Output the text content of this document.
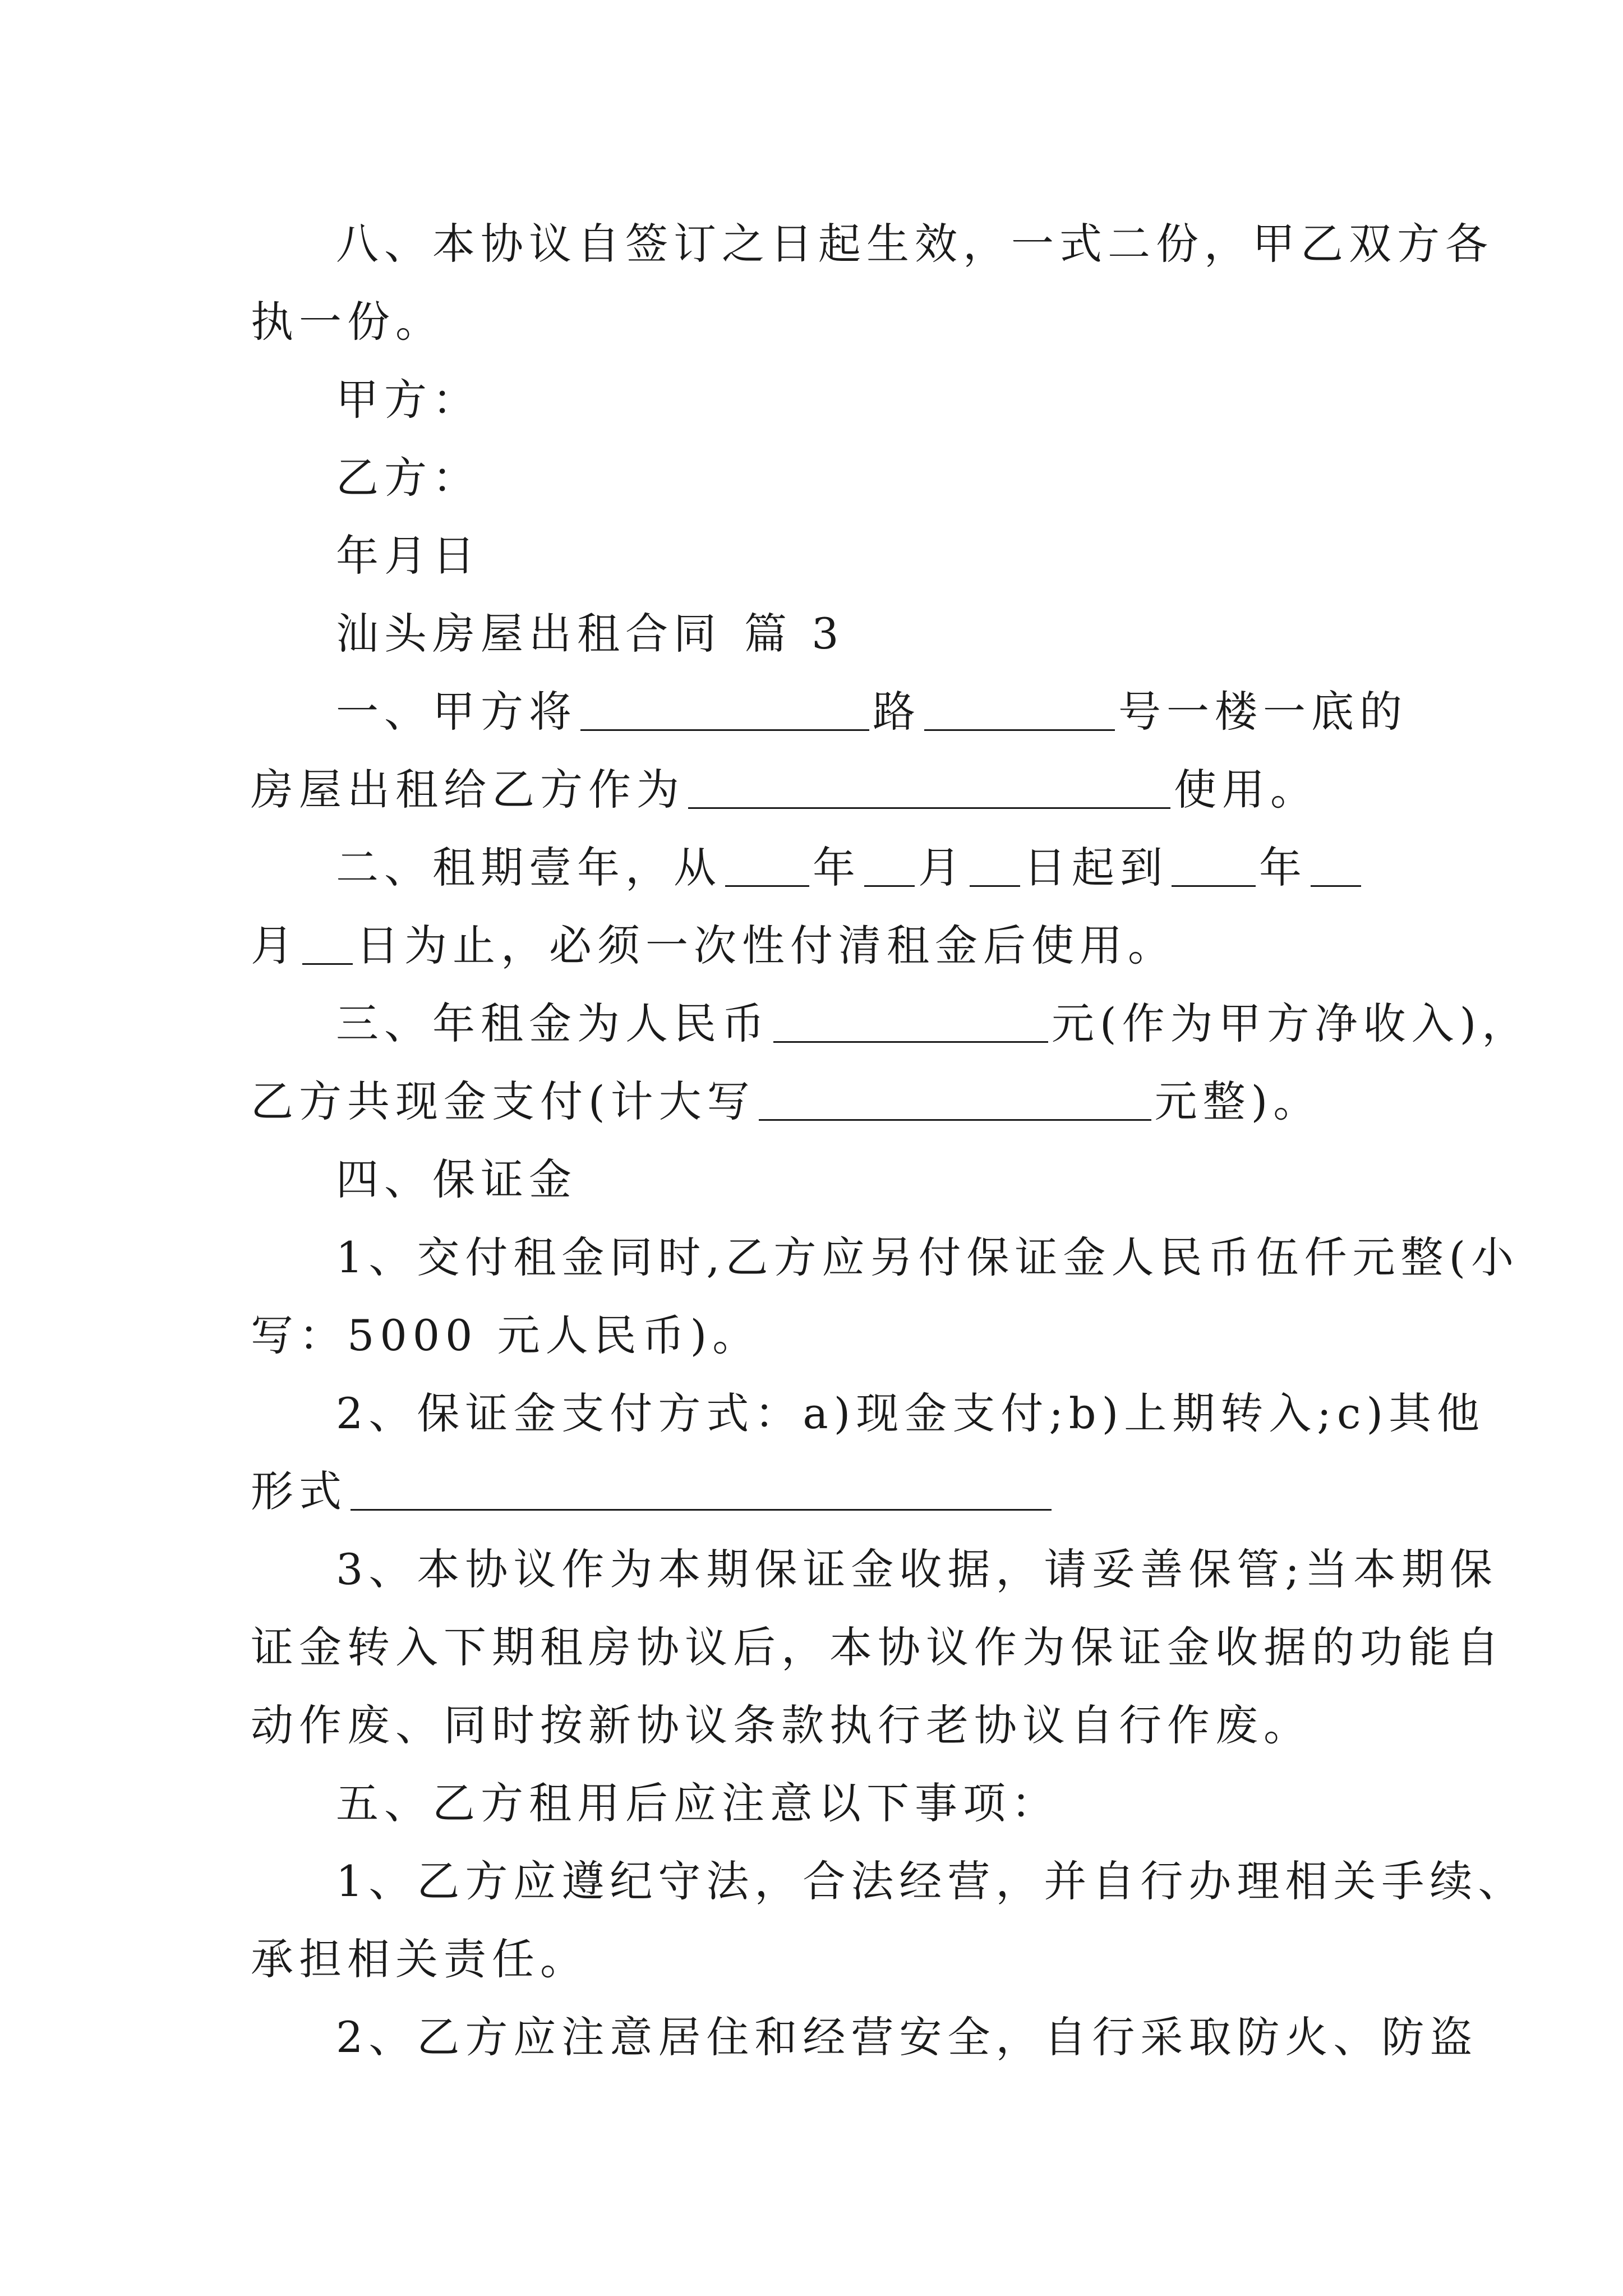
八、本协议自签订之日起生效，一式二份，甲乙双方各
执一份。
甲方：
乙方：
年月日
汕头房屋出租合同 篇 3
一、甲方将	路	号一楼一底的
房屋出租给乙方作为	使用。
二、租期壹年，从 年 月 日起到 年
月 日为止，必须一次性付清租金后使用。
三、年租金为人民币	元(作为甲方净收入)，
乙方共现金支付(计大写	元整)。
四、保证金
1、交付租金同时,乙方应另付保证金人民币伍仟元整(小
写：5000 元人民币)。
2、保证金支付方式：a)现金支付;b)上期转入;c)其他
形式
3、本协议作为本期保证金收据，请妥善保管;当本期保
证金转入下期租房协议后，本协议作为保证金收据的功能自
动作废、同时按新协议条款执行老协议自行作废。
五、乙方租用后应注意以下事项：
1、乙方应遵纪守法，合法经营，并自行办理相关手续、
承担相关责任。
2、乙方应注意居住和经营安全，自行采取防火、防盗
